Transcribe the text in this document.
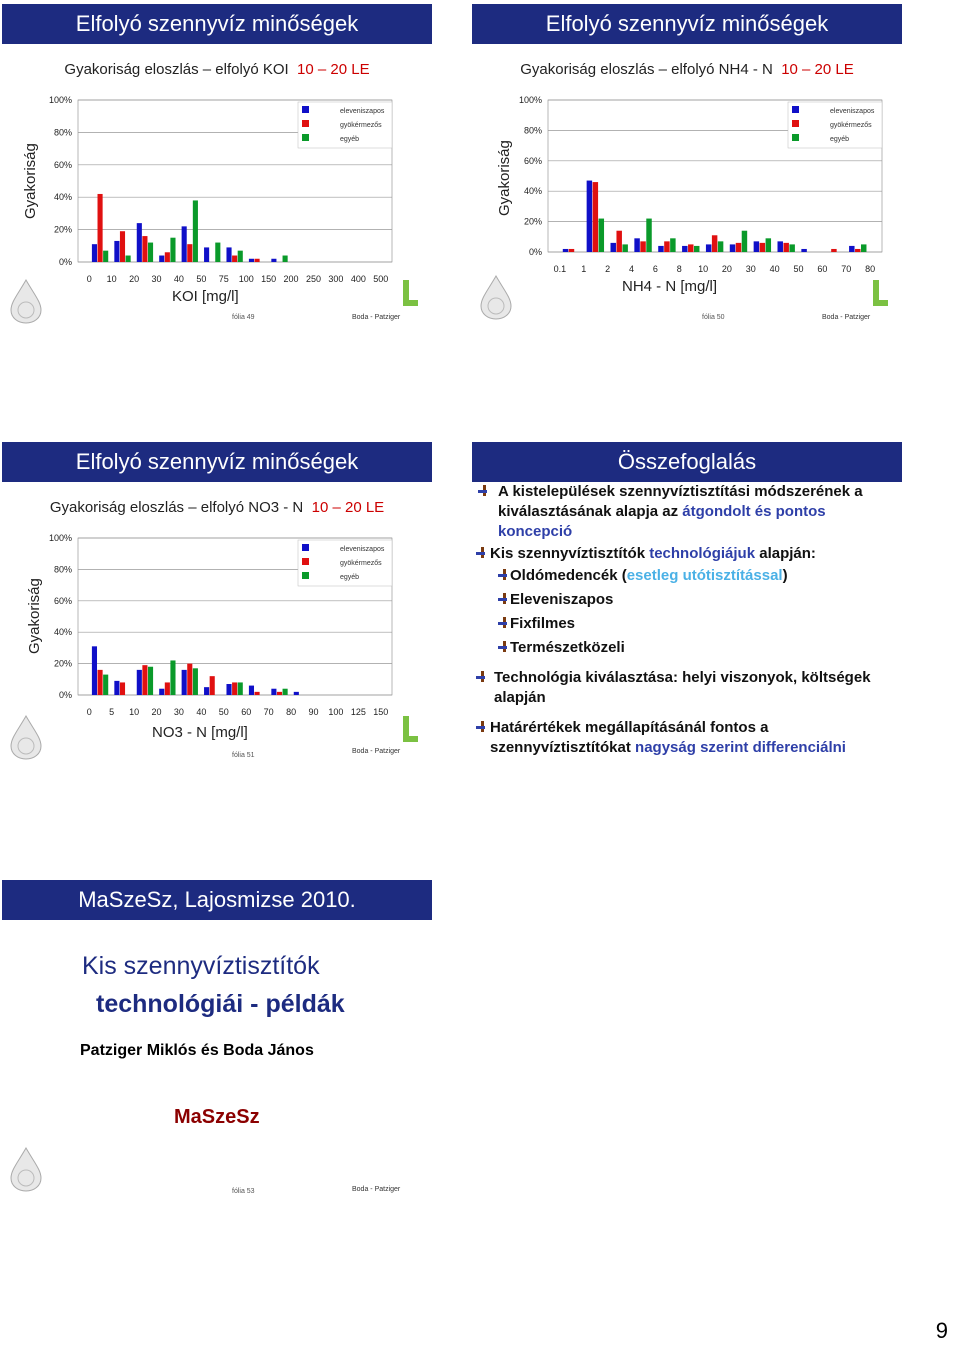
Elfolyó szennyvíz minőségek
Gyakoriság eloszlás – elfolyó KOI 10 – 20 LE
Gyakoriság
0%
20%
40%
60%
80%
100%
0 10 20 30 40 50 75 100 150 200 250 300 400 500
eleveniszapos
gyökérmezős
egyéb
KOI [mg/l]
fólia 49	Boda - Patziger
Elfolyó szennyvíz minőségek
Gyakoriság eloszlás – elfolyó NH4 - N 10 – 20 LE
Gyakoriság
0%
20%
40%
60%
80%
100%
0.1 1 2 4 6 8 10 20 30 40 50 60 70 80
eleveniszapos
gyökérmezős
egyéb
NH4 - N [mg/l]
fólia 50	Boda - Patziger
Elfolyó szennyvíz minőségek
Gyakoriság eloszlás – elfolyó NO3 - N 10 – 20 LE
Gyakoriság
0%
20%
40%
60%
80%
100%
0 5 10 20 30 40 50 60 70 80 90 100 125 150
eleveniszapos
gyökérmezős
egyéb
NO3 - N [mg/l]
fólia 51
Boda - Patziger
Összefoglalás
A kistelepülések szennyvíztisztítási módszerének a kiválasztásának alapja az átgondolt és pontos koncepció
Kis szennyvíztisztítók technológiájuk alapján:
Oldómedencék (esetleg utótisztítással)
Eleveniszapos
Fixfilmes
Természetközeli
Technológia kiválasztása: helyi viszonyok, költségek alapján
Határértékek megállapításánál fontos a szennyvíztisztítókat nagyság szerint differenciálni
MaSzeSz, Lajosmizse 2010.
Kis szennyvíztisztítók
technológiái - példák
Patziger Miklós és Boda János
MaSzeSz
fólia 53	Boda - Patziger
9
